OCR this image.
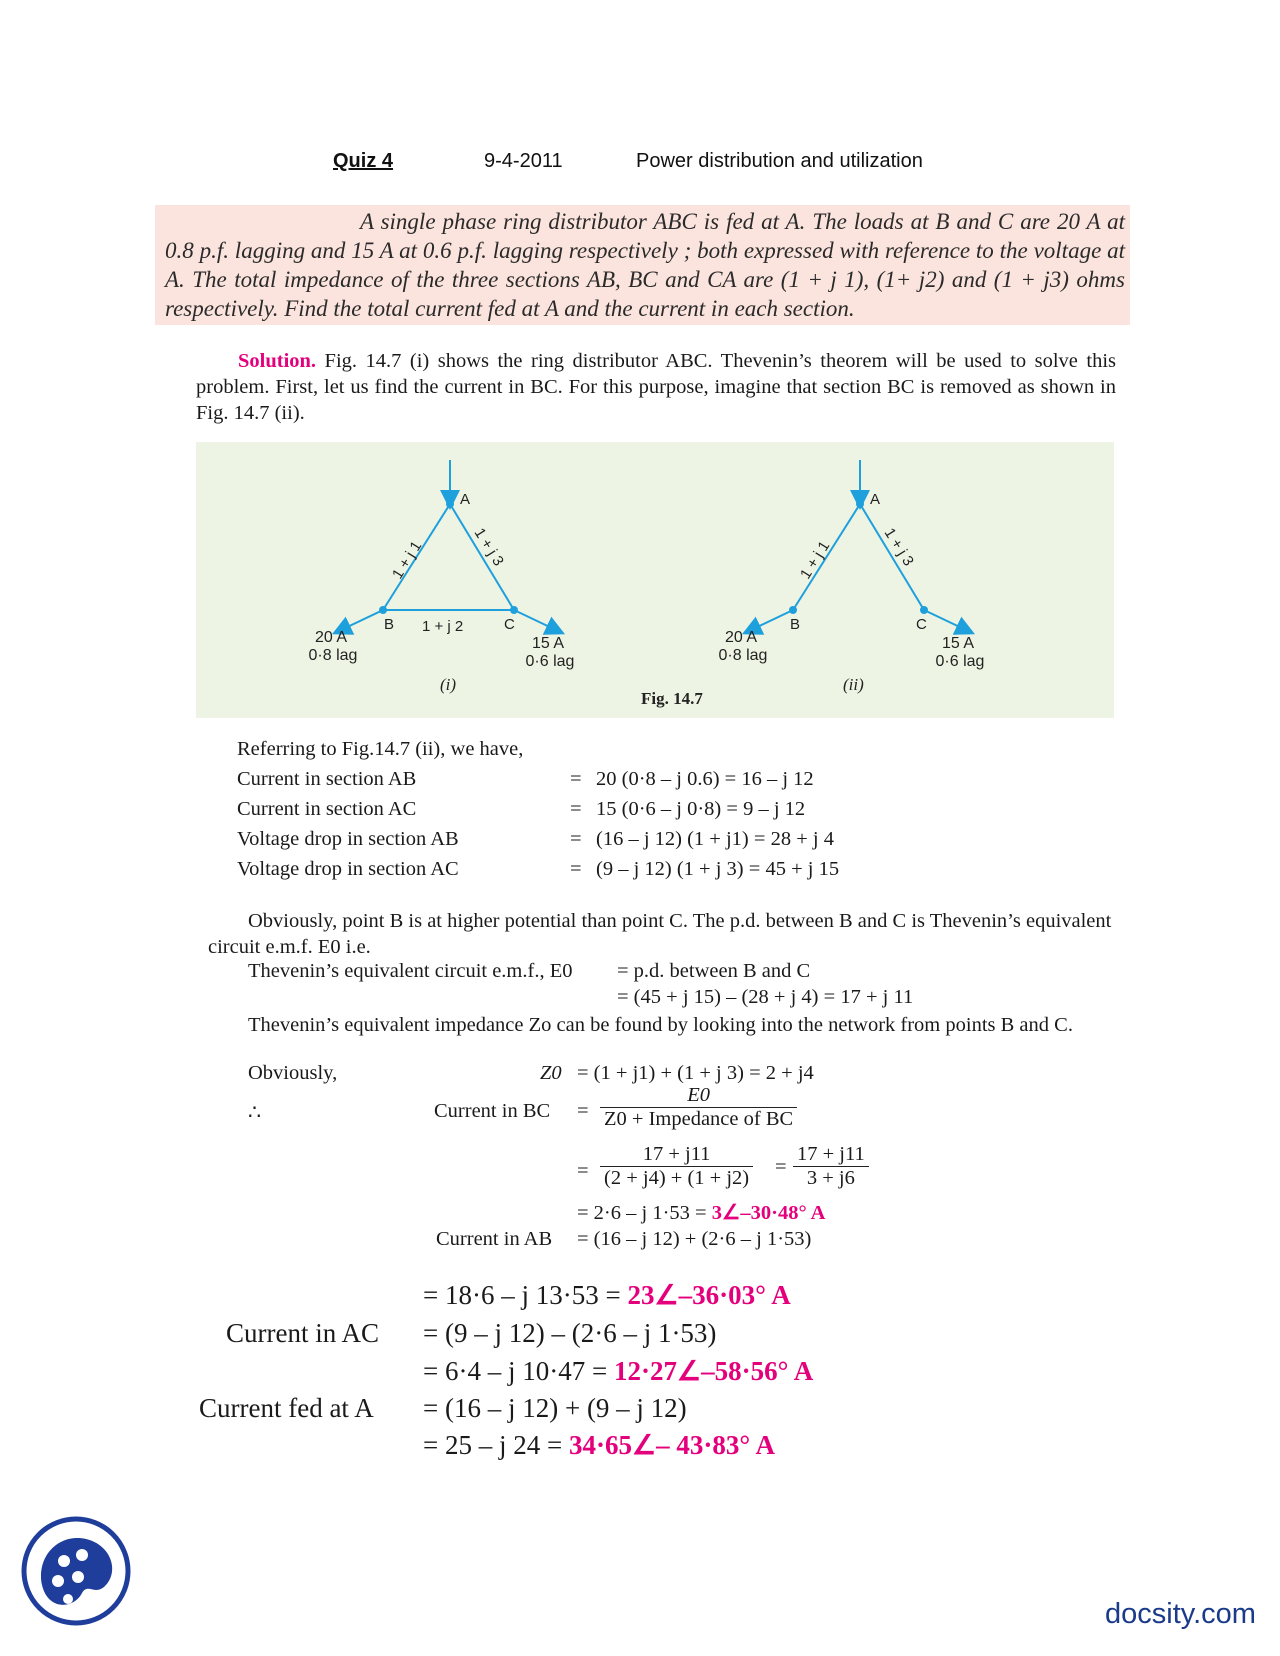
Quiz 4	9-4-2011	Power distribution and utilization
A single phase ring distributor ABC is fed at A. The loads at B and C are 20 A at 0.8 p.f. lagging and 15 A at 0.6 p.f. lagging respectively ; both expressed with reference to the voltage at A. The total impedance of the three sections AB, BC and CA are (1 + j 1), (1+ j2) and (1 + j3) ohms respectively. Find the total current fed at A and the current in each section.
Solution. Fig. 14.7 (i) shows the ring distributor ABC. Thevenin’s theorem will be used to solve this problem. First, let us find the current in BC. For this purpose, imagine that section BC is removed as shown in Fig. 14.7 (ii).
A
B	C
1 + j 1	1 + j 3
1 + j 2
20 A
0·8 lag
15 A
0·6 lag
(i)
A
B	C
1 + j 1	1 + j 3
20 A
0·8 lag
15 A
0·6 lag
(ii)
Fig. 14.7
Referring to Fig.14.7 (ii), we have,
Current in section AB	= 20 (0·8 – j 0.6) = 16 – j 12
Current in section AC	= 15 (0·6 – j 0·8) = 9 – j 12
Voltage drop in section AB	= (16 – j 12) (1 + j1) = 28 + j 4
Voltage drop in section AC	= (9 – j 12) (1 + j 3) = 45 + j 15
Obviously, point B is at higher potential than point C. The p.d. between B and C is Thevenin’s equivalent circuit e.m.f. E0 i.e.
Thevenin’s equivalent circuit e.m.f., E0 = p.d. between B and C
= (45 + j 15) – (28 + j 4) = 17 + j 11
Thevenin’s equivalent impedance Zo can be found by looking into the network from points B and C.
Obviously,	Z0 = (1 + j1) + (1 + j 3) = 2 + j4
∴	Current in BC = $\frac{E0}{\text{Z0 + Impedance of BC}}$
= $\frac{17 + j11}{(2 + j4) + (1 + j2)} = \frac{17 + j11}{3 + j6}$
= 2·6 – j 1·53 = 3∠–30·48° A
Current in AB = (16 – j 12) + (2·6 – j 1·53)
= 18·6 – j 13·53 = 23∠–36·03° A
Current in AC = (9 – j 12) – (2·6 – j 1·53)
= 6·4 – j 10·47 = 12·27∠–58·56° A
Current fed at A = (16 – j 12) + (9 – j 12)
= 25 – j 24 = 34·65∠– 43·83° A
docsity.com
